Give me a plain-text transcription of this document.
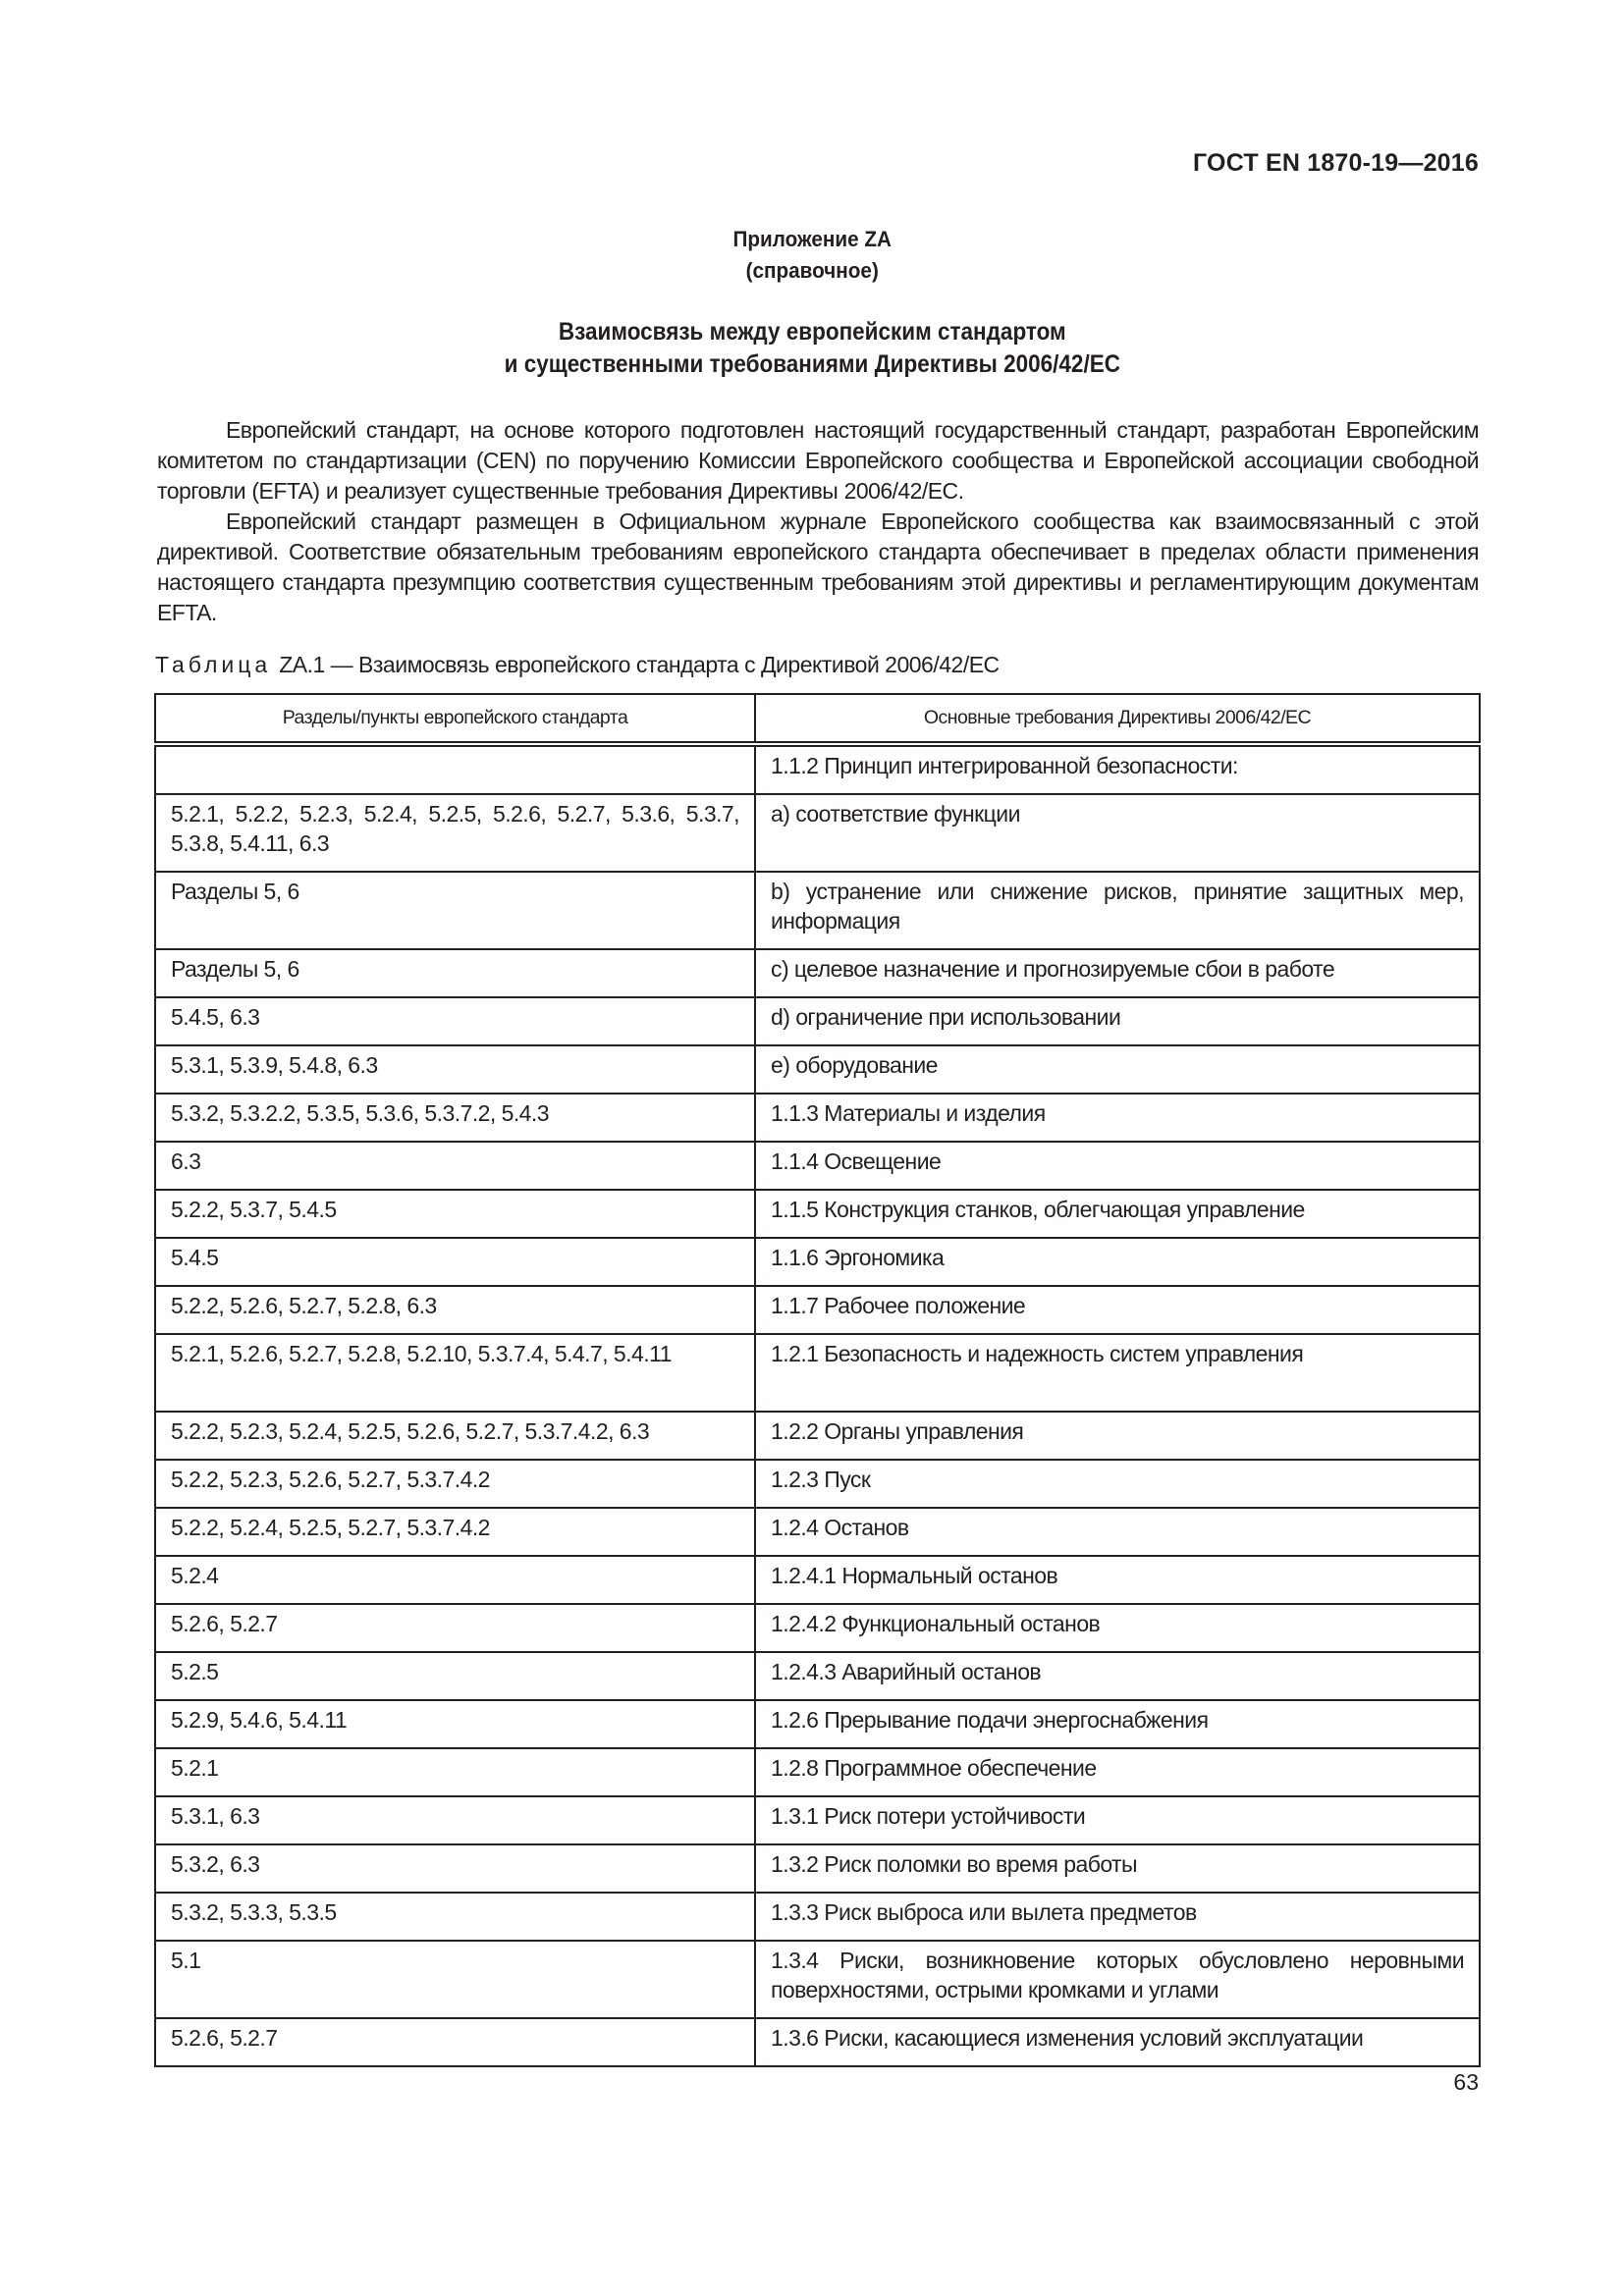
ГОСТ EN 1870-19—2016
Приложение ZA
(справочное)
Взаимосвязь между европейским стандартом
и существенными требованиями Директивы 2006/42/ЕС

Европейский стандарт, на основе которого подготовлен настоящий государственный стандарт, разработан Европейским комитетом по стандартизации (CEN) по поручению Комиссии Европейского сообщества и Европейской ассоциации свободной торговли (EFTA) и реализует существенные требования Директивы 2006/42/ЕС.

Европейский стандарт размещен в Официальном журнале Европейского сообщества как взаимосвязанный с этой директивой. Соответствие обязательным требованиям европейского стандарта обеспечивает в пределах области применения настоящего стандарта презумпцию соответствия существенным требованиям этой директивы и регламентирующим документам EFTA.

Таблица ZA.1 — Взаимосвязь европейского стандарта с Директивой 2006/42/ЕС
Разделы/пункты европейского стандарта	Основные требования Директивы 2006/42/ЕС
	1.1.2 Принцип интегрированной безопасности:
5.2.1, 5.2.2, 5.2.3, 5.2.4, 5.2.5, 5.2.6, 5.2.7, 5.3.6, 5.3.7, 5.3.8, 5.4.11, 6.3	а) соответствие функции
Разделы 5, 6	b) устранение или снижение рисков, принятие защитных мер, информация
Разделы 5, 6	с) целевое назначение и прогнозируемые сбои в работе
5.4.5, 6.3	d) ограничение при использовании
5.3.1, 5.3.9, 5.4.8, 6.3	е) оборудование
5.3.2, 5.3.2.2, 5.3.5, 5.3.6, 5.3.7.2, 5.4.3	1.1.3 Материалы и изделия
6.3	1.1.4 Освещение
5.2.2, 5.3.7, 5.4.5	1.1.5 Конструкция станков, облегчающая управление
5.4.5	1.1.6 Эргономика
5.2.2, 5.2.6, 5.2.7, 5.2.8, 6.3	1.1.7 Рабочее положение
5.2.1, 5.2.6, 5.2.7, 5.2.8, 5.2.10, 5.3.7.4, 5.4.7, 5.4.11	1.2.1 Безопасность и надежность систем управления
5.2.2, 5.2.3, 5.2.4, 5.2.5, 5.2.6, 5.2.7, 5.3.7.4.2, 6.3	1.2.2 Органы управления
5.2.2, 5.2.3, 5.2.6, 5.2.7, 5.3.7.4.2	1.2.3 Пуск
5.2.2, 5.2.4, 5.2.5, 5.2.7, 5.3.7.4.2	1.2.4 Останов
5.2.4	1.2.4.1 Нормальный останов
5.2.6, 5.2.7	1.2.4.2 Функциональный останов
5.2.5	1.2.4.3 Аварийный останов
5.2.9, 5.4.6, 5.4.11	1.2.6 Прерывание подачи энергоснабжения
5.2.1	1.2.8 Программное обеспечение
5.3.1, 6.3	1.3.1 Риск потери устойчивости
5.3.2, 6.3	1.3.2 Риск поломки во время работы
5.3.2, 5.3.3, 5.3.5	1.3.3 Риск выброса или вылета предметов
5.1	1.3.4 Риски, возникновение которых обусловлено неровными поверхностями, острыми кромками и углами
5.2.6, 5.2.7	1.3.6 Риски, касающиеся изменения условий эксплуатации
63
